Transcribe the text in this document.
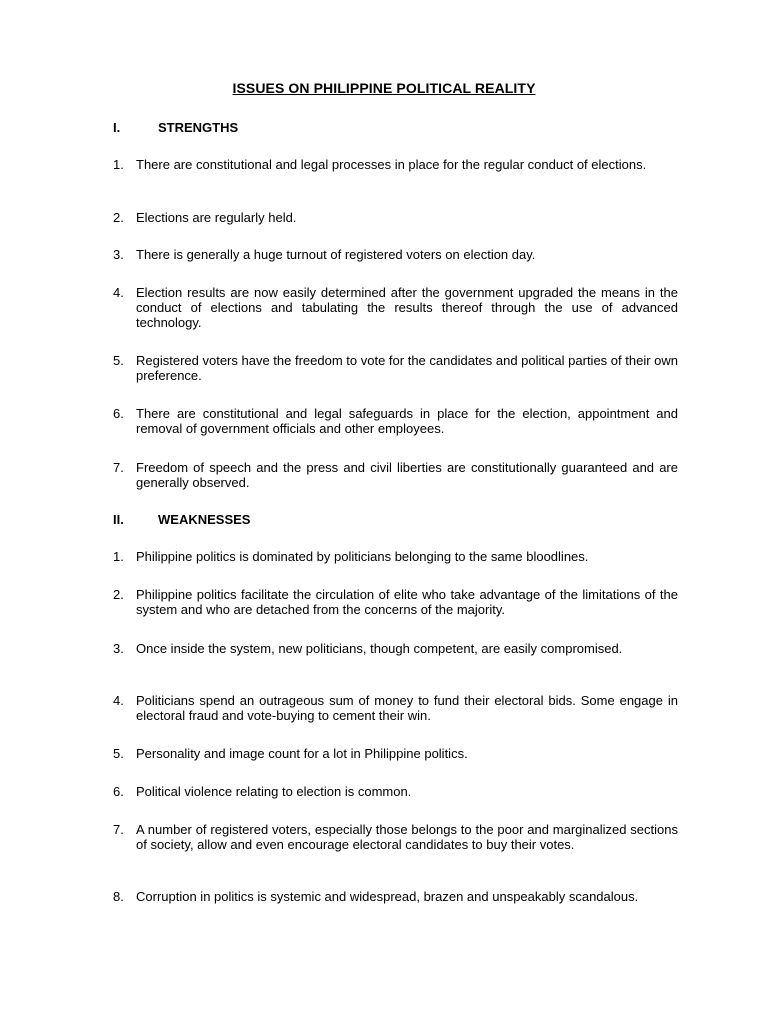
ISSUES ON PHILIPPINE POLITICAL REALITY
I.	STRENGTHS
1. There are constitutional and legal processes in place for the regular conduct of elections.
2. Elections are regularly held.
3. There is generally a huge turnout of registered voters on election day.
4. Election results are now easily determined after the government upgraded the means in the conduct of elections and tabulating the results thereof through the use of advanced technology.
5. Registered voters have the freedom to vote for the candidates and political parties of their own preference.
6. There are constitutional and legal safeguards in place for the election, appointment and removal of government officials and other employees.
7. Freedom of speech and the press and civil liberties are constitutionally guaranteed and are generally observed.
II.	WEAKNESSES
1. Philippine politics is dominated by politicians belonging to the same bloodlines.
2. Philippine politics facilitate the circulation of elite who take advantage of the limitations of the system and who are detached from the concerns of the majority.
3. Once inside the system, new politicians, though competent, are easily compromised.
4. Politicians spend an outrageous sum of money to fund their electoral bids. Some engage in electoral fraud and vote-buying to cement their win.
5. Personality and image count for a lot in Philippine politics.
6. Political violence relating to election is common.
7. A number of registered voters, especially those belongs to the poor and marginalized sections of society, allow and even encourage electoral candidates to buy their votes.
8. Corruption in politics is systemic and widespread, brazen and unspeakably scandalous.
